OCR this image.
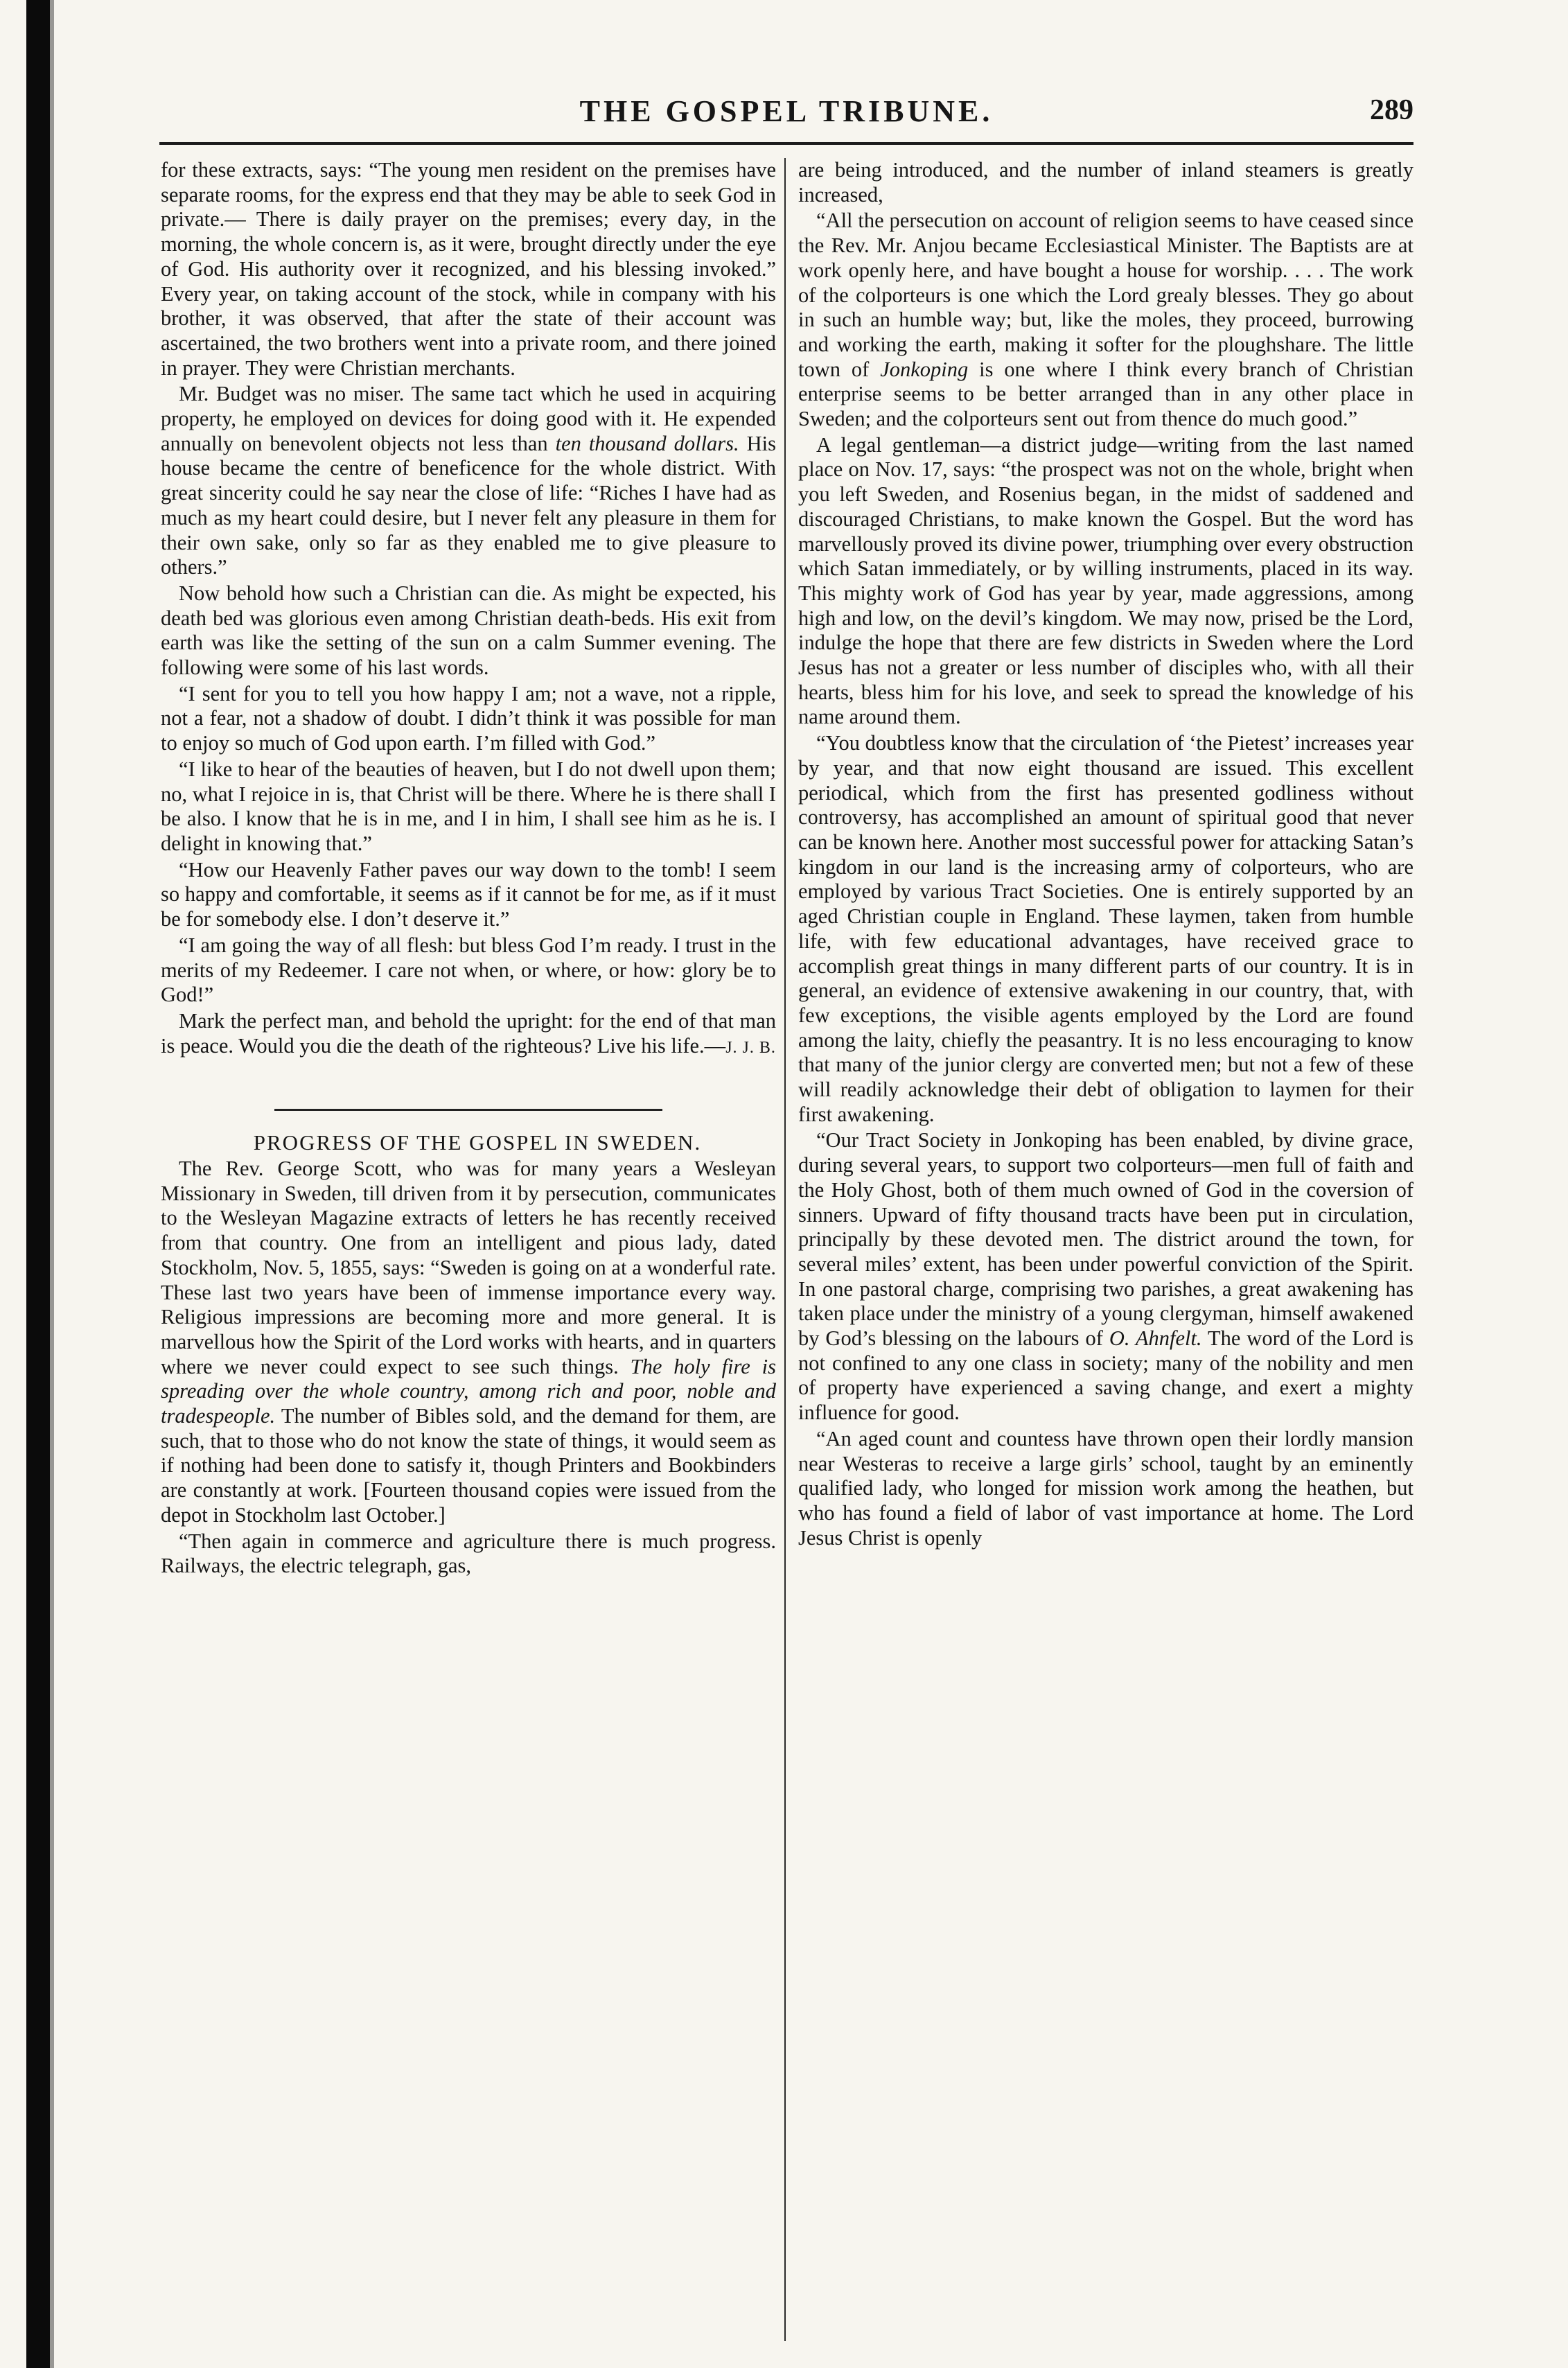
THE GOSPEL TRIBUNE.	289

for these extracts, says: “The young men resident on the premises have separate rooms, for the express end that they may be able to seek God in private.— There is daily prayer on the premises; every day, in the morning, the whole concern is, as it were, brought directly under the eye of God. His authority over it recognized, and his blessing invoked.” Every year, on taking account of the stock, while in company with his brother, it was observed, that after the state of their account was ascertained, the two brothers went into a private room, and there joined in prayer. They were Christian merchants.

Mr. Budget was no miser. The same tact which he used in acquiring property, he employed on devices for doing good with it. He expended annually on benevolent objects not less than ten thousand dollars. His house became the centre of beneficence for the whole district. With great sincerity could he say near the close of life: “Riches I have had as much as my heart could desire, but I never felt any pleasure in them for their own sake, only so far as they enabled me to give pleasure to others.”

Now behold how such a Christian can die. As might be expected, his death bed was glorious even among Christian death-beds. His exit from earth was like the setting of the sun on a calm Summer evening. The following were some of his last words.

“I sent for you to tell you how happy I am; not a wave, not a ripple, not a fear, not a shadow of doubt. I didn’t think it was possible for man to enjoy so much of God upon earth. I’m filled with God.”

“I like to hear of the beauties of heaven, but I do not dwell upon them; no, what I rejoice in is, that Christ will be there. Where he is there shall I be also. I know that he is in me, and I in him, I shall see him as he is. I delight in knowing that.”

“How our Heavenly Father paves our way down to the tomb! I seem so happy and comfortable, it seems as if it cannot be for me, as if it must be for somebody else. I don’t deserve it.”

“I am going the way of all flesh: but bless God I’m ready. I trust in the merits of my Redeemer. I care not when, or where, or how: glory be to God!”

Mark the perfect man, and behold the upright: for the end of that man is peace. Would you die the death of the righteous? Live his life.—J. J. B.

PROGRESS OF THE GOSPEL IN SWEDEN.

The Rev. George Scott, who was for many years a Wesleyan Missionary in Sweden, till driven from it by persecution, communicates to the Wesleyan Magazine extracts of letters he has recently received from that country. One from an intelligent and pious lady, dated Stockholm, Nov. 5, 1855, says: “Sweden is going on at a wonderful rate. These last two years have been of immense importance every way. Religious impressions are becoming more and more general. It is marvellous how the Spirit of the Lord works with hearts, and in quarters where we never could expect to see such things. The holy fire is spreading over the whole country, among rich and poor, noble and tradespeople. The number of Bibles sold, and the demand for them, are such, that to those who do not know the state of things, it would seem as if nothing had been done to satisfy it, though Printers and Bookbinders are constantly at work. [Fourteen thousand copies were issued from the depot in Stockholm last October.]

“Then again in commerce and agriculture there is much progress. Railways, the electric telegraph, gas,

are being introduced, and the number of inland steamers is greatly increased,

“All the persecution on account of religion seems to have ceased since the Rev. Mr. Anjou became Ecclesiastical Minister. The Baptists are at work openly here, and have bought a house for worship. . . . The work of the colporteurs is one which the Lord grealy blesses. They go about in such an humble way; but, like the moles, they proceed, burrowing and working the earth, making it softer for the ploughshare. The little town of Jonkoping is one where I think every branch of Christian enterprise seems to be better arranged than in any other place in Sweden; and the colporteurs sent out from thence do much good.”

A legal gentleman—a district judge—writing from the last named place on Nov. 17, says: “the prospect was not on the whole, bright when you left Sweden, and Rosenius began, in the midst of saddened and discouraged Christians, to make known the Gospel. But the word has marvellously proved its divine power, triumphing over every obstruction which Satan immediately, or by willing instruments, placed in its way. This mighty work of God has year by year, made aggressions, among high and low, on the devil’s kingdom. We may now, prised be the Lord, indulge the hope that there are few districts in Sweden where the Lord Jesus has not a greater or less number of disciples who, with all their hearts, bless him for his love, and seek to spread the knowledge of his name around them.

“You doubtless know that the circulation of ‘the Pietest’ increases year by year, and that now eight thousand are issued. This excellent periodical, which from the first has presented godliness without controversy, has accomplished an amount of spiritual good that never can be known here. Another most successful power for attacking Satan’s kingdom in our land is the increasing army of colporteurs, who are employed by various Tract Societies. One is entirely supported by an aged Christian couple in England. These laymen, taken from humble life, with few educational advantages, have received grace to accomplish great things in many different parts of our country. It is in general, an evidence of extensive awakening in our country, that, with few exceptions, the visible agents employed by the Lord are found among the laity, chiefly the peasantry. It is no less encouraging to know that many of the junior clergy are converted men; but not a few of these will readily acknowledge their debt of obligation to laymen for their first awakening.

“Our Tract Society in Jonkoping has been enabled, by divine grace, during several years, to support two colporteurs—men full of faith and the Holy Ghost, both of them much owned of God in the coversion of sinners. Upward of fifty thousand tracts have been put in circulation, principally by these devoted men. The district around the town, for several miles’ extent, has been under powerful conviction of the Spirit. In one pastoral charge, comprising two parishes, a great awakening has taken place under the ministry of a young clergyman, himself awakened by God’s blessing on the labours of O. Ahnfelt. The word of the Lord is not confined to any one class in society; many of the nobility and men of property have experienced a saving change, and exert a mighty influence for good.

“An aged count and countess have thrown open their lordly mansion near Westeras to receive a large girls’ school, taught by an eminently qualified lady, who longed for mission work among the heathen, but who has found a field of labor of vast importance at home. The Lord Jesus Christ is openly
